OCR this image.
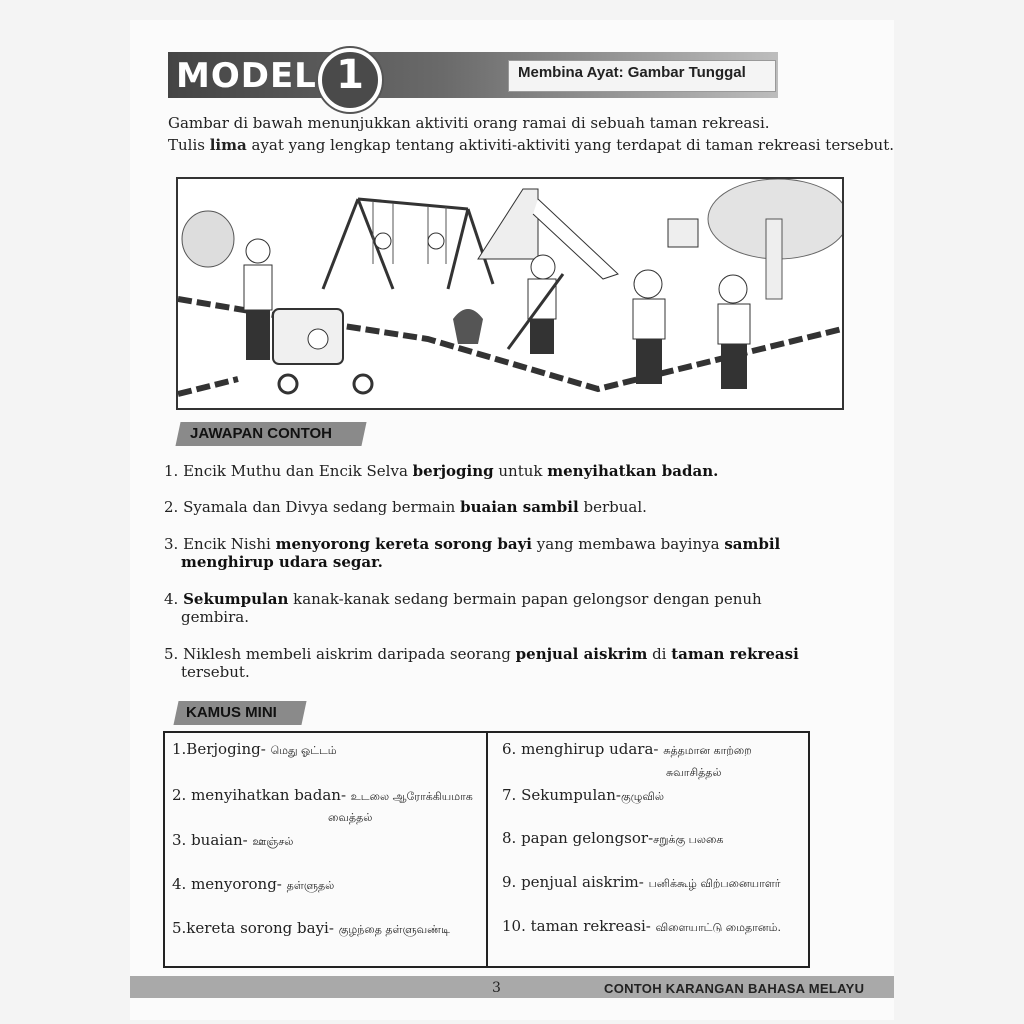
MODEL 1	Membina Ayat: Gambar Tunggal
Gambar di bawah menunjukkan aktiviti orang ramai di sebuah taman rekreasi.
Tulis lima ayat yang lengkap tentang aktiviti-aktiviti yang terdapat di taman rekreasi tersebut.
JAWAPAN CONTOH
1. Encik Muthu dan Encik Selva berjoging untuk menyihatkan badan.
2. Syamala dan Divya sedang bermain buaian sambil berbual.
3. Encik Nishi menyorong kereta sorong bayi yang membawa bayinya sambil
menghirup udara segar.
4. Sekumpulan kanak-kanak sedang bermain papan gelongsor dengan penuh
gembira.
5. Niklesh membeli aiskrim daripada seorang penjual aiskrim di taman rekreasi
tersebut.
KAMUS MINI
1.Berjoging- மெது ஓட்டம்
2. menyihatkan badan- உடலை ஆரோக்கியமாக
வைத்தல்
3. buaian- ஊஞ்சல்
4. menyorong- தள்ளுதல்
5.kereta sorong bayi- குழந்தை தள்ளுவண்டி
6. menghirup udara- சுத்தமான காற்றை
சுவாசித்தல்
7. Sekumpulan-குழுவில்
8. papan gelongsor-சறுக்கு பலகை
9. penjual aiskrim- பனிக்கூழ் விற்பனையாளர்
10. taman rekreasi- விளையாட்டு மைதானம்.
3	CONTOH KARANGAN BAHASA MELAYU
